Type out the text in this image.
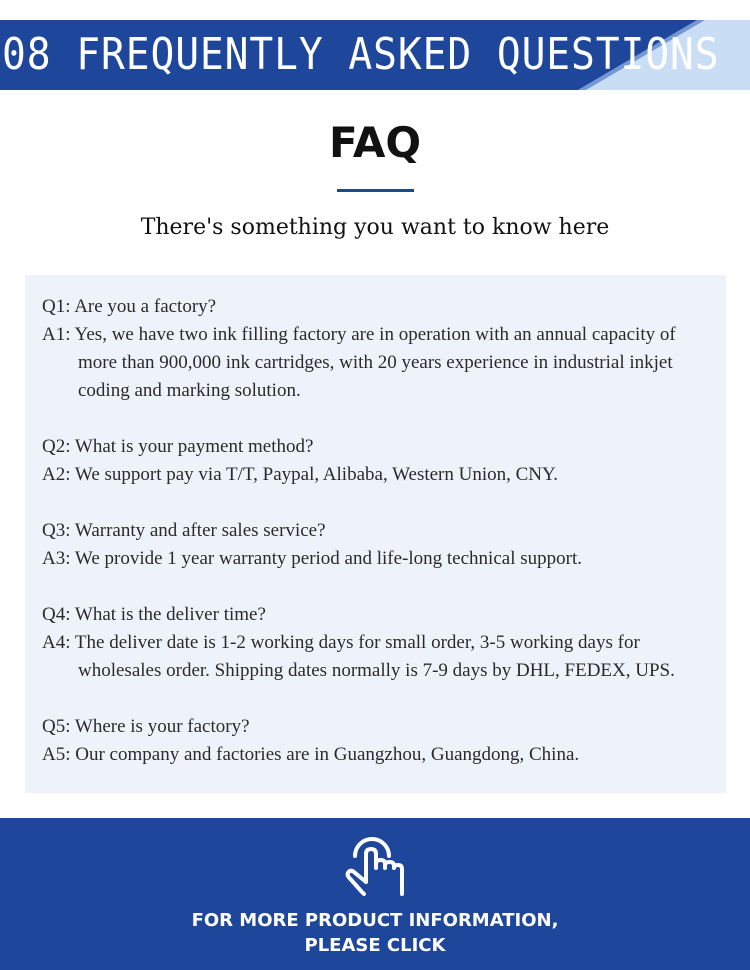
08 FREQUENTLY ASKED QUESTIONS
FAQ
There's something you want to know here
Q1: Are you a factory?
A1: Yes, we have two ink filling factory are in operation with an annual capacity of
more than 900,000 ink cartridges, with 20 years experience in industrial inkjet
coding and marking solution.
Q2: What is your payment method?
A2: We support pay via T/T, Paypal, Alibaba, Western Union, CNY.
Q3: Warranty and after sales service?
A3: We provide 1 year warranty period and life-long technical support.
Q4: What is the deliver time?
A4: The deliver date is 1-2 working days for small order, 3-5 working days for
wholesales order. Shipping dates normally is 7-9 days by DHL, FEDEX, UPS.
Q5: Where is your factory?
A5: Our company and factories are in Guangzhou, Guangdong, China.
FOR MORE PRODUCT INFORMATION,
PLEASE CLICK
